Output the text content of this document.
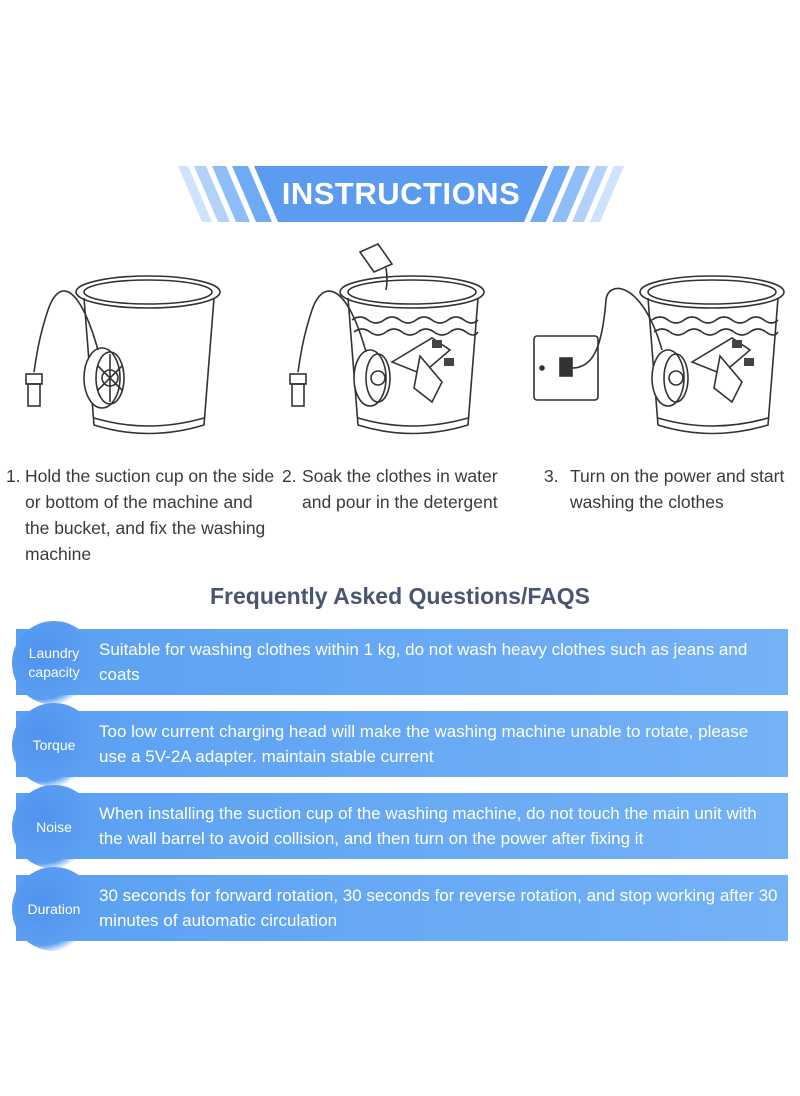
INSTRUCTIONS
1. Hold the suction cup on the side or bottom of the machine and the bucket, and fix the washing machine
2. Soak the clothes in water and pour in the detergent
3. Turn on the power and start washing the clothes
Frequently Asked Questions/FAQS
Laundry capacity
Suitable for washing clothes within 1 kg, do not wash heavy clothes such as jeans and coats
Torque
Too low current charging head will make the washing machine unable to rotate, please use a 5V-2A adapter. maintain stable current
Noise
When installing the suction cup of the washing machine, do not touch the main unit with the wall barrel to avoid collision, and then turn on the power after fixing it
Duration
30 seconds for forward rotation, 30 seconds for reverse rotation, and stop working after 30 minutes of automatic circulation
